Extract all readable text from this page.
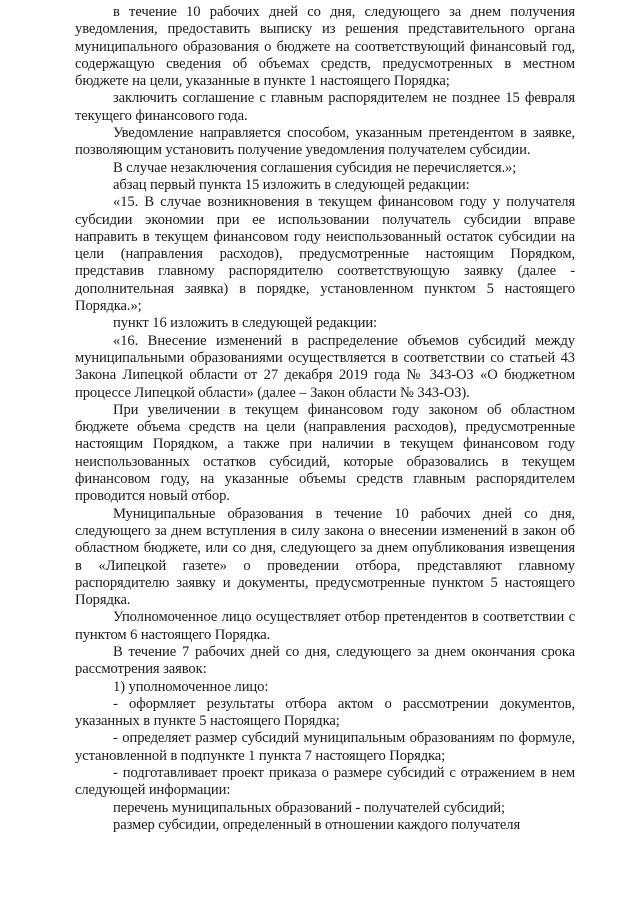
в течение 10 рабочих дней со дня, следующего за днем получения уведомления, предоставить выписку из решения представительного органа муниципального образования о бюджете на соответствующий финансовый год, содержащую сведения об объемах средств, предусмотренных в местном бюджете на цели, указанные в пункте 1 настоящего Порядка;

заключить соглашение с главным распорядителем не позднее 15 февраля текущего финансового года.

Уведомление направляется способом, указанным претендентом в заявке, позволяющим установить получение уведомления получателем субсидии.

В случае незаключения соглашения субсидия не перечисляется.»;

абзац первый пункта 15 изложить в следующей редакции:

«15. В случае возникновения в текущем финансовом году у получателя субсидии экономии при ее использовании получатель субсидии вправе направить в текущем финансовом году неиспользованный остаток субсидии на цели (направления расходов), предусмотренные настоящим Порядком, представив главному распорядителю соответствующую заявку (далее - дополнительная заявка) в порядке, установленном пунктом 5 настоящего Порядка.»;

пункт 16 изложить в следующей редакции:

«16. Внесение изменений в распределение объемов субсидий между муниципальными образованиями осуществляется в соответствии со статьей 43 Закона Липецкой области от 27 декабря 2019 года № 343-ОЗ «О бюджетном процессе Липецкой области» (далее – Закон области № 343-ОЗ).

При увеличении в текущем финансовом году законом об областном бюджете объема средств на цели (направления расходов), предусмотренные настоящим Порядком, а также при наличии в текущем финансовом году неиспользованных остатков субсидий, которые образовались в текущем финансовом году, на указанные объемы средств главным распорядителем проводится новый отбор.

Муниципальные образования в течение 10 рабочих дней со дня, следующего за днем вступления в силу закона о внесении изменений в закон об областном бюджете, или со дня, следующего за днем опубликования извещения в «Липецкой газете» о проведении отбора, представляют главному распорядителю заявку и документы, предусмотренные пунктом 5 настоящего Порядка.

Уполномоченное лицо осуществляет отбор претендентов в соответствии с пунктом 6 настоящего Порядка.

В течение 7 рабочих дней со дня, следующего за днем окончания срока рассмотрения заявок:

1) уполномоченное лицо:

- оформляет результаты отбора актом о рассмотрении документов, указанных в пункте 5 настоящего Порядка;

- определяет размер субсидий муниципальным образованиям по формуле, установленной в подпункте 1 пункта 7 настоящего Порядка;

- подготавливает проект приказа о размере субсидий с отражением в нем следующей информации:

перечень муниципальных образований - получателей субсидий;

размер субсидии, определенный в отношении каждого получателя
